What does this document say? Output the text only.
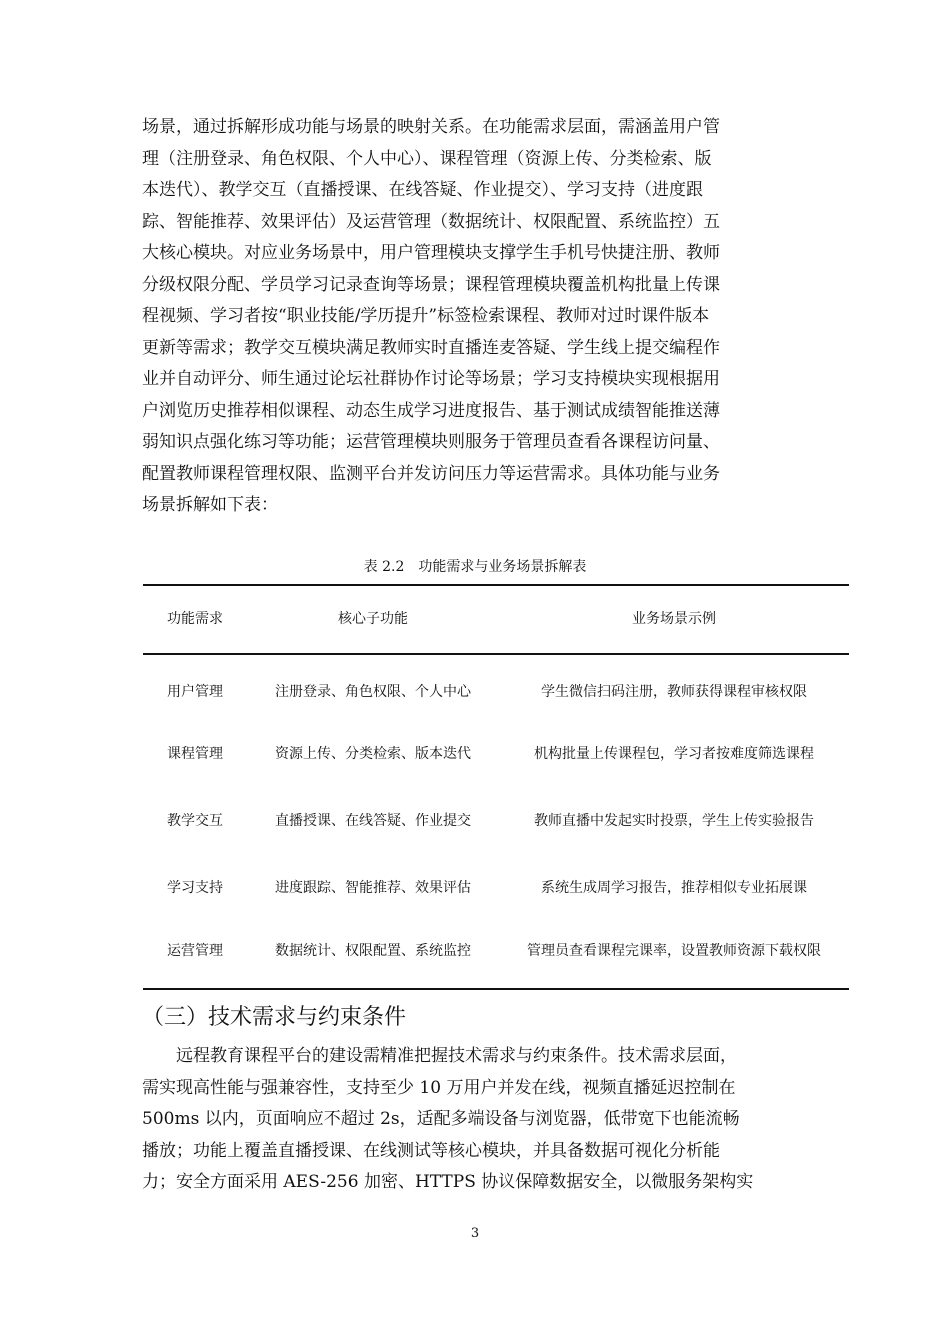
场景，通过拆解形成功能与场景的映射关系。在功能需求层面，需涵盖用户管

理（注册登录、角色权限、个人中心）、课程管理（资源上传、分类检索、版

本迭代）、教学交互（直播授课、在线答疑、作业提交）、学习支持（进度跟

踪、智能推荐、效果评估）及运营管理（数据统计、权限配置、系统监控）五

大核心模块。对应业务场景中，用户管理模块支撑学生手机号快捷注册、教师

分级权限分配、学员学习记录查询等场景；课程管理模块覆盖机构批量上传课

程视频、学习者按“职业技能/学历提升”标签检索课程、教师对过时课件版本

更新等需求；教学交互模块满足教师实时直播连麦答疑、学生线上提交编程作

业并自动评分、师生通过论坛社群协作讨论等场景；学习支持模块实现根据用

户浏览历史推荐相似课程、动态生成学习进度报告、基于测试成绩智能推送薄

弱知识点强化练习等功能；运营管理模块则服务于管理员查看各课程访问量、

配置教师课程管理权限、监测平台并发访问压力等运营需求。具体功能与业务

场景拆解如下表：

表 2.2　功能需求与业务场景拆解表
功能需求	核心子功能	业务场景示例
用户管理	注册登录、角色权限、个人中心	学生微信扫码注册，教师获得课程审核权限
课程管理	资源上传、分类检索、版本迭代	机构批量上传课程包，学习者按难度筛选课程
教学交互	直播授课、在线答疑、作业提交	教师直播中发起实时投票，学生上传实验报告
学习支持	进度跟踪、智能推荐、效果评估	系统生成周学习报告，推荐相似专业拓展课
运营管理	数据统计、权限配置、系统监控	管理员查看课程完课率，设置教师资源下载权限
（三）技术需求与约束条件

　　远程教育课程平台的建设需精准把握技术需求与约束条件。技术需求层面，

需实现高性能与强兼容性，支持至少 10 万用户并发在线，视频直播延迟控制在

500ms 以内，页面响应不超过 2s，适配多端设备与浏览器，低带宽下也能流畅

播放；功能上覆盖直播授课、在线测试等核心模块，并具备数据可视化分析能

力；安全方面采用 AES-256 加密、HTTPS 协议保障数据安全，以微服务架构实

3
